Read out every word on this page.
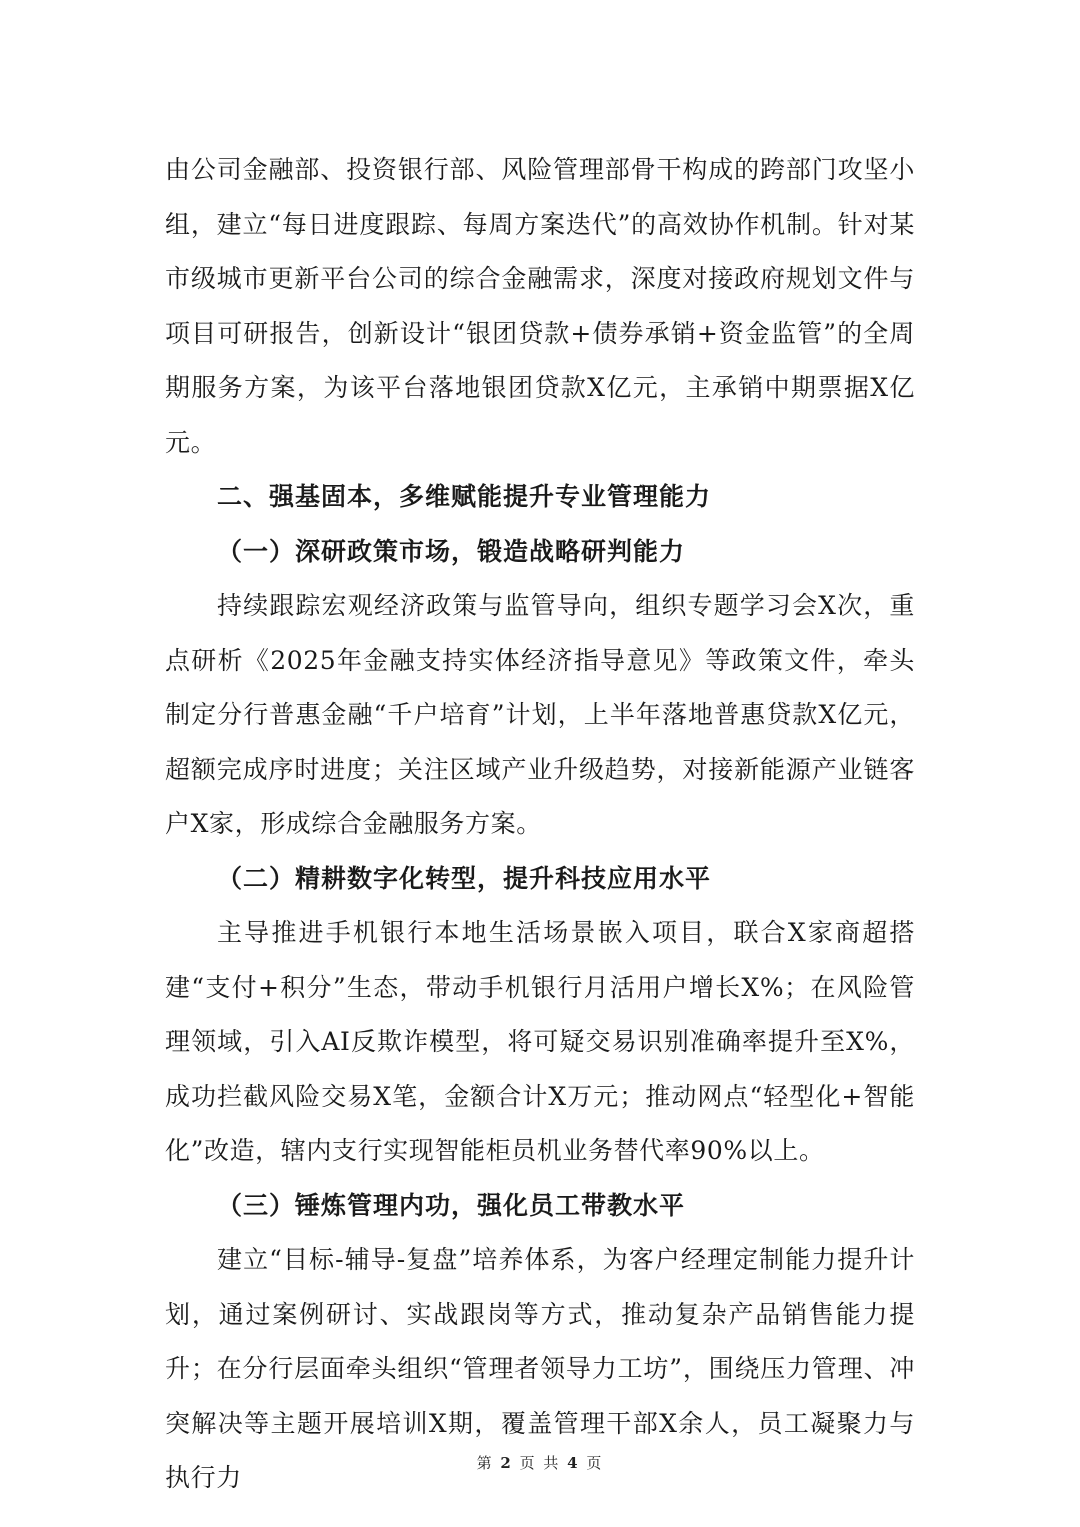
由公司金融部、投资银行部、风险管理部骨干构成的跨部门攻坚小组，建立“每日进度跟踪、每周方案迭代”的高效协作机制。针对某市级城市更新平台公司的综合金融需求，深度对接政府规划文件与项目可研报告，创新设计“银团贷款+债券承销+资金监管”的全周期服务方案，为该平台落地银团贷款X亿元，主承销中期票据X亿元。

二、强基固本，多维赋能提升专业管理能力

（一）深研政策市场，锻造战略研判能力

持续跟踪宏观经济政策与监管导向，组织专题学习会X次，重点研析《2025年金融支持实体经济指导意见》等政策文件，牵头制定分行普惠金融“千户培育”计划，上半年落地普惠贷款X亿元，超额完成序时进度；关注区域产业升级趋势，对接新能源产业链客户X家，形成综合金融服务方案。

（二）精耕数字化转型，提升科技应用水平

主导推进手机银行本地生活场景嵌入项目，联合X家商超搭建“支付+积分”生态，带动手机银行月活用户增长X%；在风险管理领域，引入AI反欺诈模型，将可疑交易识别准确率提升至X%，成功拦截风险交易X笔，金额合计X万元；推动网点“轻型化+智能化”改造，辖内支行实现智能柜员机业务替代率90%以上。

（三）锤炼管理内功，强化员工带教水平

建立“目标-辅导-复盘”培养体系，为客户经理定制能力提升计划，通过案例研讨、实战跟岗等方式，推动复杂产品销售能力提升；在分行层面牵头组织“管理者领导力工坊”，围绕压力管理、冲突解决等主题开展培训X期，覆盖管理干部X余人，员工凝聚力与执行力	第 2 页 共 4 页
